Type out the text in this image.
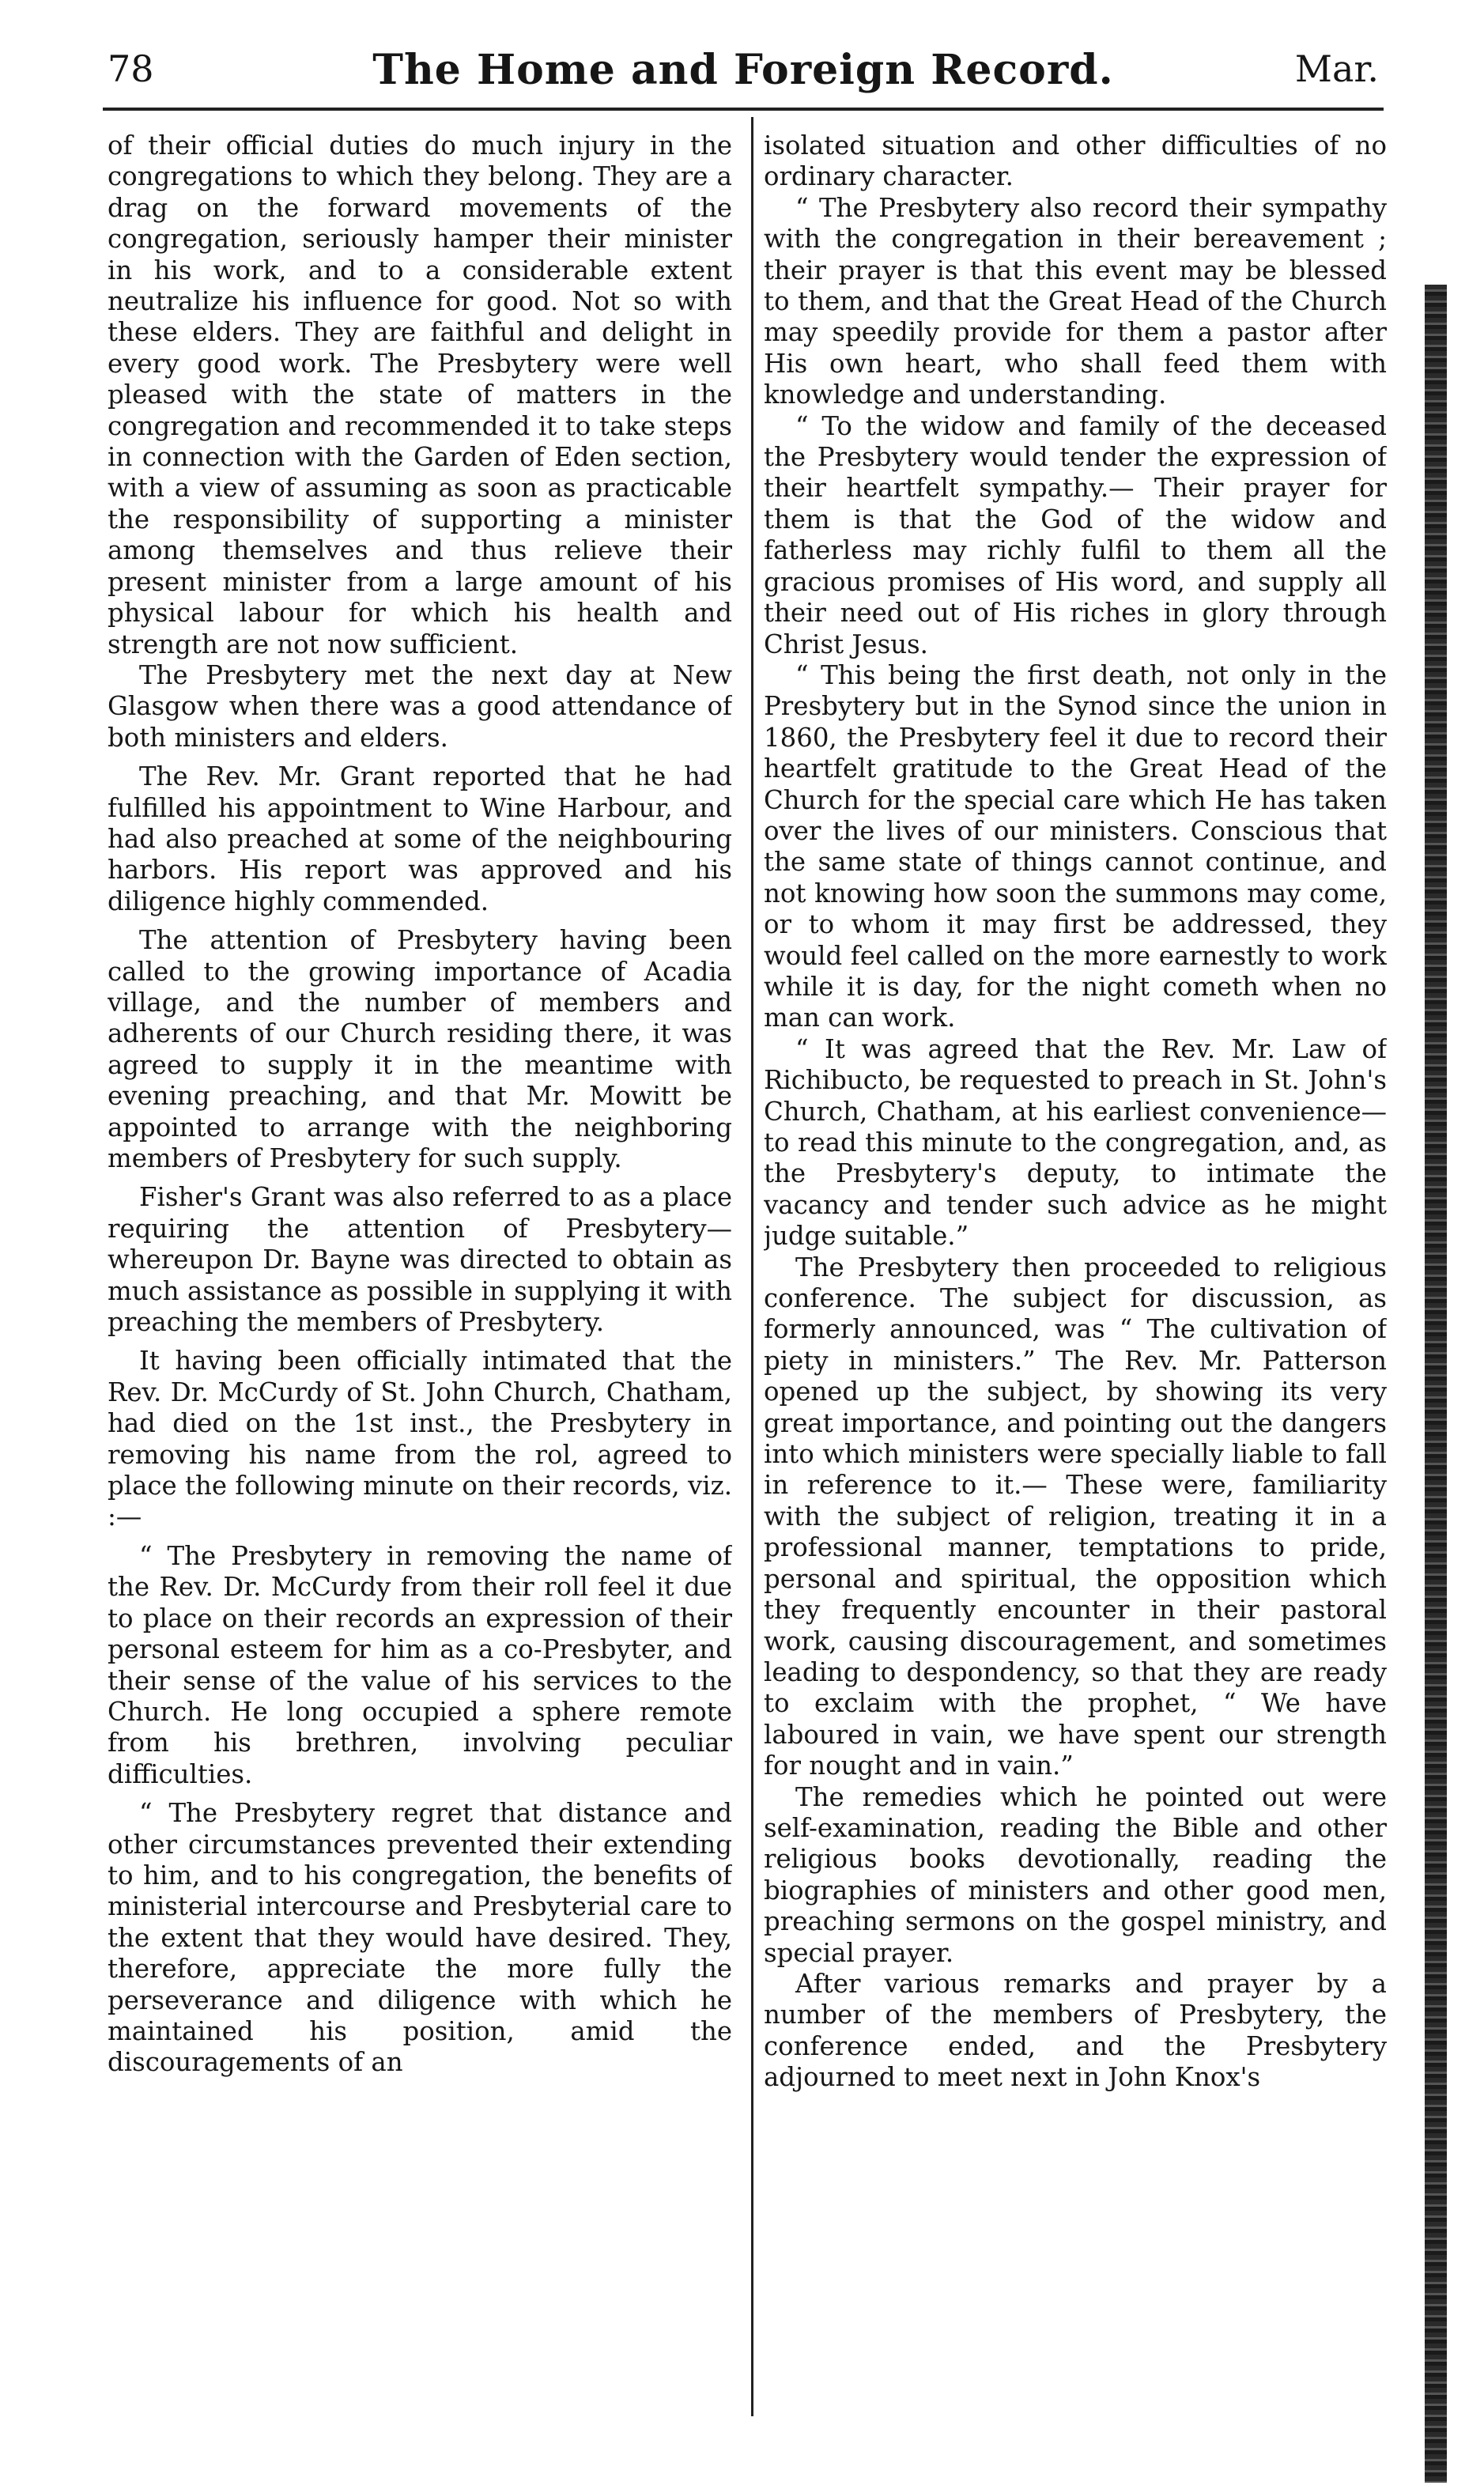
78	The Home and Foreign Record.	Mar.

of their official duties do much injury in the congregations to which they belong. They are a drag on the forward movements of the congregation, seriously hamper their minister in his work, and to a considerable extent neutralize his influence for good. Not so with these elders. They are faithful and delight in every good work. The Presbytery were well pleased with the state of matters in the congregation and recommended it to take steps in connection with the Garden of Eden section, with a view of assuming as soon as practicable the responsibility of supporting a minister among themselves and thus relieve their present minister from a large amount of his physical labour for which his health and strength are not now sufficient.

The Presbytery met the next day at New Glasgow when there was a good attendance of both ministers and elders.

The Rev. Mr. Grant reported that he had fulfilled his appointment to Wine Harbour, and had also preached at some of the neighbouring harbors. His report was approved and his diligence highly commended.

The attention of Presbytery having been called to the growing importance of Acadia village, and the number of members and adherents of our Church residing there, it was agreed to supply it in the meantime with evening preaching, and that Mr. Mowitt be appointed to arrange with the neighboring members of Presbytery for such supply.

Fisher's Grant was also referred to as a place requiring the attention of Presbytery—whereupon Dr. Bayne was directed to obtain as much assistance as possible in supplying it with preaching the members of Presbytery.

It having been officially intimated that the Rev. Dr. McCurdy of St. John Church, Chatham, had died on the 1st inst., the Presbytery in removing his name from the rol, agreed to place the following minute on their records, viz. :—

“ The Presbytery in removing the name of the Rev. Dr. McCurdy from their roll feel it due to place on their records an expression of their personal esteem for him as a co-Presbyter, and their sense of the value of his services to the Church. He long occupied a sphere remote from his brethren, involving peculiar difficulties.

“ The Presbytery regret that distance and other circumstances prevented their extending to him, and to his congregation, the benefits of ministerial intercourse and Presbyterial care to the extent that they would have desired. They, therefore, appreciate the more fully the perseverance and diligence with which he maintained his position, amid the discouragements of an

isolated situation and other difficulties of no ordinary character.

“ The Presbytery also record their sympathy with the congregation in their bereavement ; their prayer is that this event may be blessed to them, and that the Great Head of the Church may speedily provide for them a pastor after His own heart, who shall feed them with knowledge and understanding.

“ To the widow and family of the deceased the Presbytery would tender the expression of their heartfelt sympathy.— Their prayer for them is that the God of the widow and fatherless may richly fulfil to them all the gracious promises of His word, and supply all their need out of His riches in glory through Christ Jesus.

“ This being the first death, not only in the Presbytery but in the Synod since the union in 1860, the Presbytery feel it due to record their heartfelt gratitude to the Great Head of the Church for the special care which He has taken over the lives of our ministers. Conscious that the same state of things cannot continue, and not knowing how soon the summons may come, or to whom it may first be addressed, they would feel called on the more earnestly to work while it is day, for the night cometh when no man can work.

“ It was agreed that the Rev. Mr. Law of Richibucto, be requested to preach in St. John's Church, Chatham, at his earliest convenience—to read this minute to the congregation, and, as the Presbytery's deputy, to intimate the vacancy and tender such advice as he might judge suitable.”

The Presbytery then proceeded to religious conference. The subject for discussion, as formerly announced, was “ The cultivation of piety in ministers.” The Rev. Mr. Patterson opened up the subject, by showing its very great importance, and pointing out the dangers into which ministers were specially liable to fall in reference to it.— These were, familiarity with the subject of religion, treating it in a professional manner, temptations to pride, personal and spiritual, the opposition which they frequently encounter in their pastoral work, causing discouragement, and sometimes leading to despondency, so that they are ready to exclaim with the prophet, “ We have laboured in vain, we have spent our strength for nought and in vain.”

The remedies which he pointed out were self-examination, reading the Bible and other religious books devotionally, reading the biographies of ministers and other good men, preaching sermons on the gospel ministry, and special prayer.

After various remarks and prayer by a number of the members of Presbytery, the conference ended, and the Presbytery adjourned to meet next in John Knox's
